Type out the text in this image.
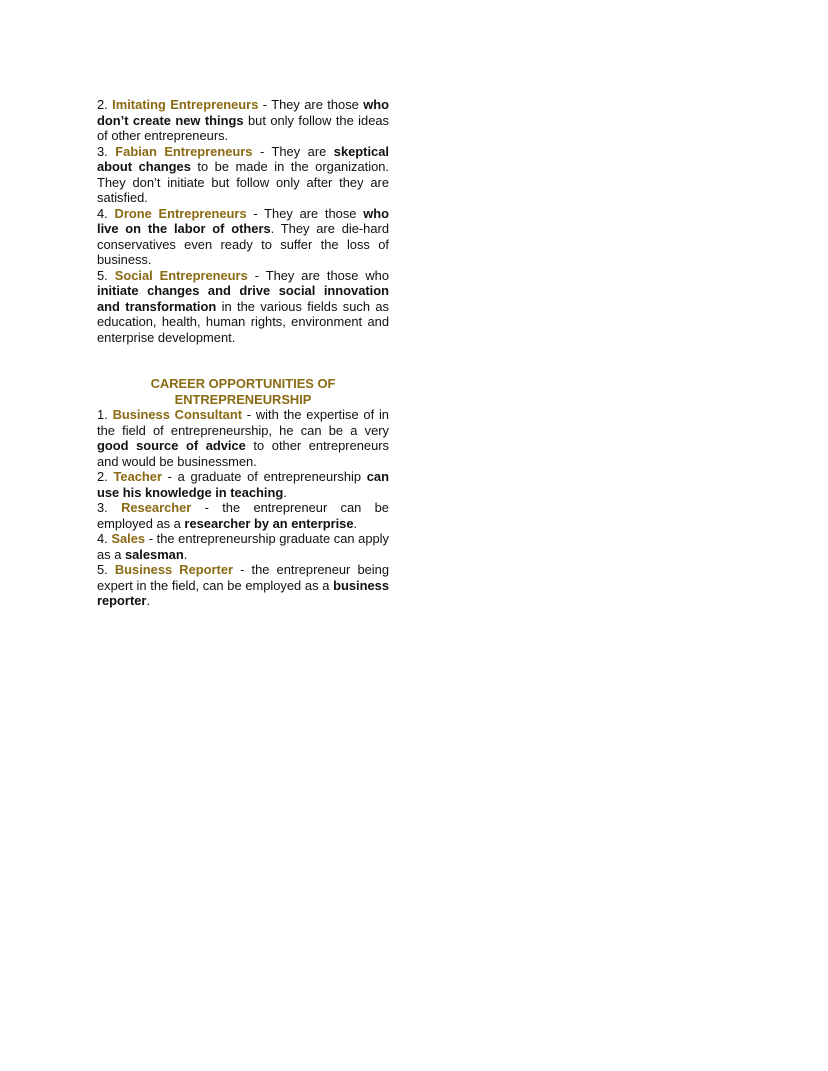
2. Imitating Entrepreneurs - They are those who don’t create new things but only follow the ideas of other entrepreneurs.

3. Fabian Entrepreneurs - They are skeptical about changes to be made in the organization. They don’t initiate but follow only after they are satisfied.

4. Drone Entrepreneurs - They are those who live on the labor of others. They are die-hard conservatives even ready to suffer the loss of business.

5. Social Entrepreneurs - They are those who initiate changes and drive social innovation and transformation in the various fields such as education, health, human rights, environment and enterprise development.

CAREER OPPORTUNITIES OF ENTREPRENEURSHIP

1. Business Consultant - with the expertise of in the field of entrepreneurship, he can be a very good source of advice to other entrepreneurs and would be businessmen.

2. Teacher - a graduate of entrepreneurship can use his knowledge in teaching.

3. Researcher - the entrepreneur can be employed as a researcher by an enterprise.

4. Sales - the entrepreneurship graduate can apply as a salesman.

5. Business Reporter - the entrepreneur being expert in the field, can be employed as a business reporter.
